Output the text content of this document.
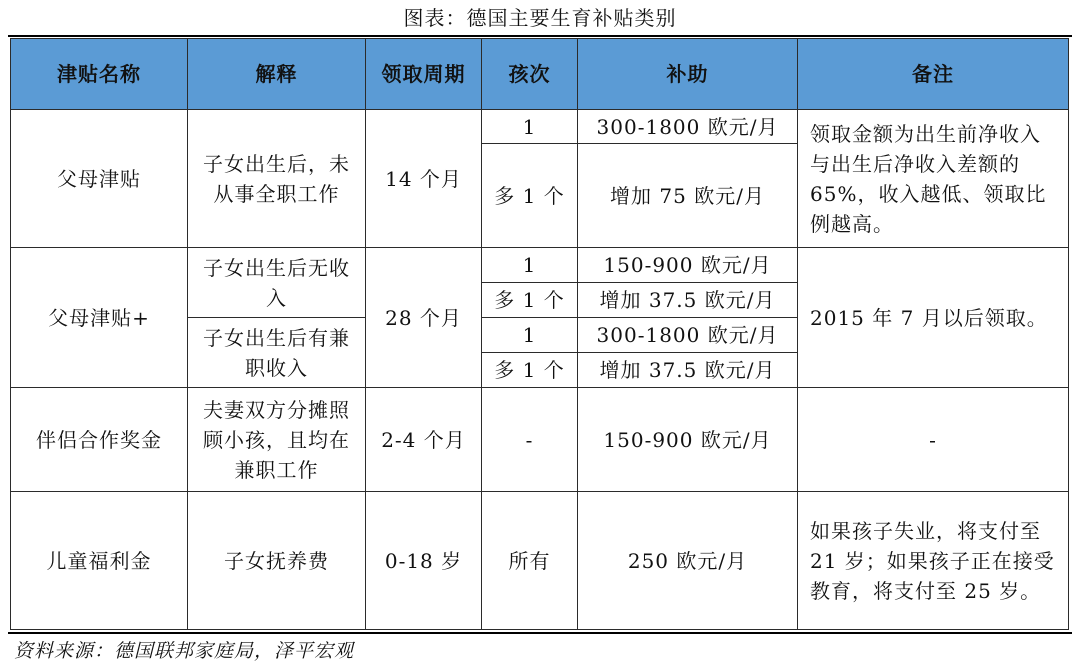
图表：德国主要生育补贴类别
津贴名称	解释	领取周期	孩次	补助	备注
父母津贴	子女出生后，未从事全职工作	14 个月	1	300-1800 欧元/月	领取金额为出生前净收入与出生后净收入差额的 65%，收入越低、领取比例越高。
			多 1 个	增加 75 欧元/月	
父母津贴+	子女出生后无收入	28 个月	1	150-900 欧元/月	2015 年 7 月以后领取。
			多 1 个	增加 37.5 欧元/月	
	子女出生后有兼职收入		1	300-1800 欧元/月	
			多 1 个	增加 37.5 欧元/月	
伴侣合作奖金	夫妻双方分摊照顾小孩，且均在兼职工作	2-4 个月	-	150-900 欧元/月	-
儿童福利金	子女抚养费	0-18 岁	所有	250 欧元/月	如果孩子失业，将支付至 21 岁；如果孩子正在接受教育，将支付至 25 岁。
资料来源：德国联邦家庭局，泽平宏观
